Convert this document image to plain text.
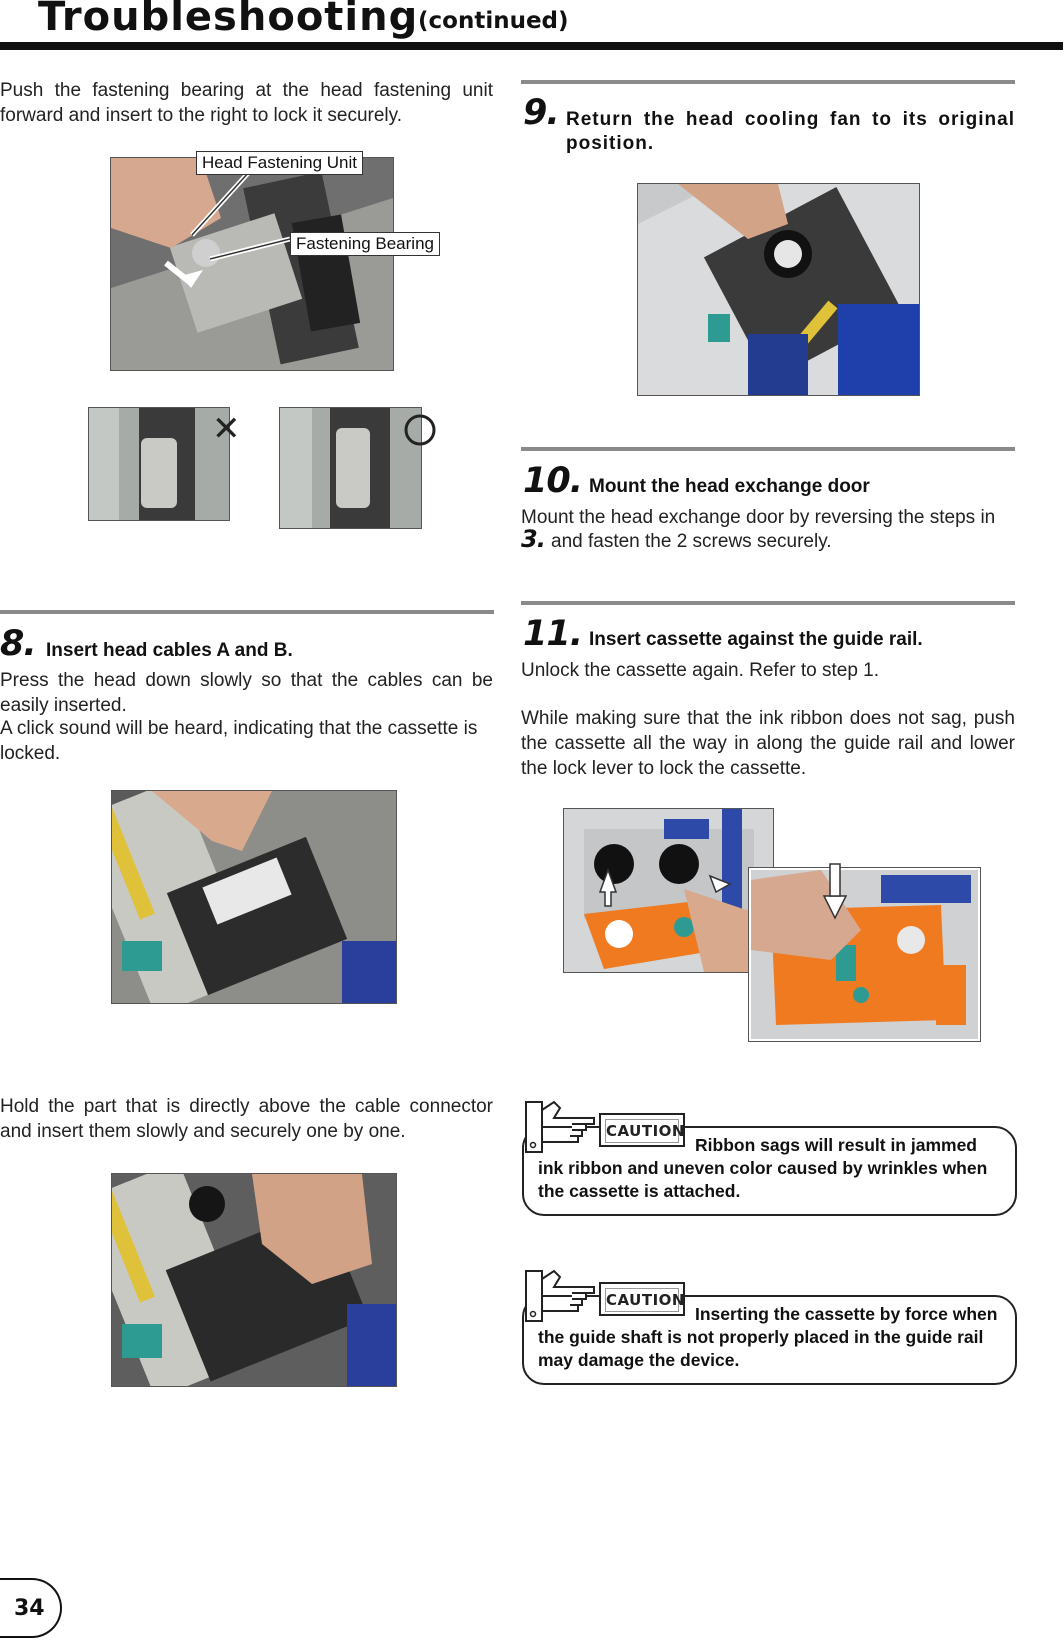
Troubleshooting (continued)
Push the fastening bearing at the head fastening unit forward and insert to the right to lock it securely.
Head Fastening Unit
Fastening Bearing
✕
8. Insert head cables A and B.
Press the head down slowly so that the cables can be easily inserted.
A click sound will be heard, indicating that the cassette is locked.
Hold the part that is directly above the cable connector and insert them slowly and securely one by one.
9. Return the head cooling fan to its original position.
10. Mount the head exchange door
Mount the head exchange door by reversing the steps in
3. and fasten the 2 screws securely.
11. Insert cassette against the guide rail.
Unlock the cassette again. Refer to step 1.
While making sure that the ink ribbon does not sag, push the cassette all the way in along the guide rail and lower the lock lever to lock the cassette.
CAUTION
Ribbon sags will result in jammed ink ribbon and uneven color caused by wrinkles when the cassette is attached.
CAUTION
Inserting the cassette by force when the guide shaft is not properly placed in the guide rail may damage the device.
34
